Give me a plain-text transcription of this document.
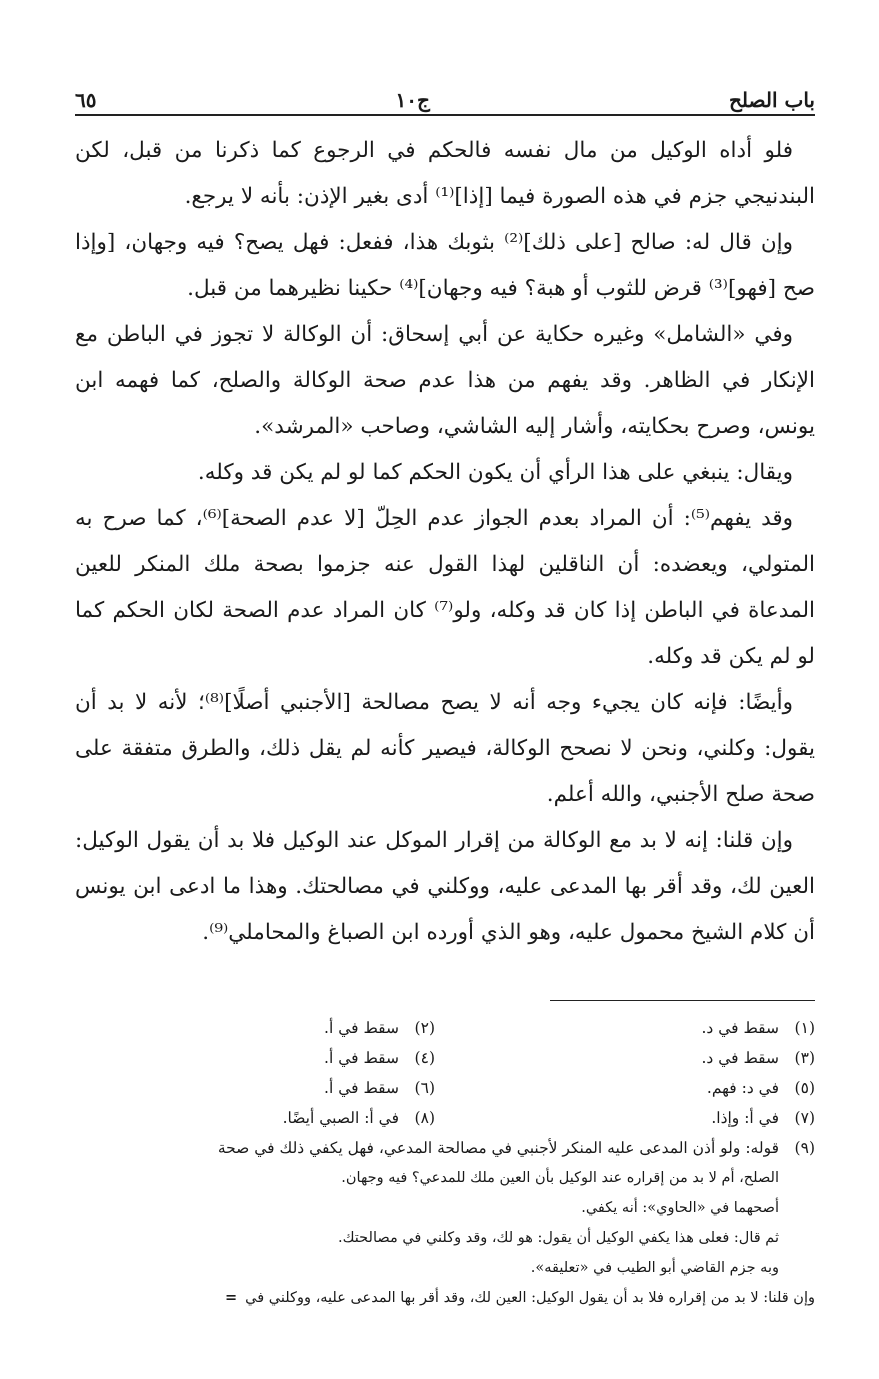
باب الصلح
ج١٠
٦٥

فلو أداه الوكيل من مال نفسه فالحكم في الرجوع كما ذكرنا من قبل، لكن البندنيجي جزم في هذه الصورة فيما [إذا]⁽¹⁾ أدى بغير الإذن: بأنه لا يرجع.

وإن قال له: صالح [على ذلك]⁽²⁾ بثوبك هذا، ففعل: فهل يصح؟ فيه وجهان، [وإذا صح [فهو]⁽³⁾ قرض للثوب أو هبة؟ فيه وجهان]⁽⁴⁾ حكينا نظيرهما من قبل.

وفي «الشامل» وغيره حكاية عن أبي إسحاق: أن الوكالة لا تجوز في الباطن مع الإنكار في الظاهر. وقد يفهم من هذا عدم صحة الوكالة والصلح، كما فهمه ابن يونس، وصرح بحكايته، وأشار إليه الشاشي، وصاحب «المرشد».

ويقال: ينبغي على هذا الرأي أن يكون الحكم كما لو لم يكن قد وكله.

وقد يفهم⁽⁵⁾: أن المراد بعدم الجواز عدم الحِلّ [لا عدم الصحة]⁽⁶⁾، كما صرح به المتولي، ويعضده: أن الناقلين لهذا القول عنه جزموا بصحة ملك المنكر للعين المدعاة في الباطن إذا كان قد وكله، ولو⁽⁷⁾ كان المراد عدم الصحة لكان الحكم كما لو لم يكن قد وكله.

وأيضًا: فإنه كان يجيء وجه أنه لا يصح مصالحة [الأجنبي أصلًا]⁽⁸⁾؛ لأنه لا بد أن يقول: وكلني، ونحن لا نصحح الوكالة، فيصير كأنه لم يقل ذلك، والطرق متفقة على صحة صلح الأجنبي، والله أعلم.

وإن قلنا: إنه لا بد مع الوكالة من إقرار الموكل عند الوكيل فلا بد أن يقول الوكيل: العين لك، وقد أقر بها المدعى عليه، ووكلني في مصالحتك. وهذا ما ادعى ابن يونس أن كلام الشيخ محمول عليه، وهو الذي أورده ابن الصباغ والمحاملي⁽⁹⁾.

(١)
سقط في د.
(٢)
سقط في أ.
(٣)
سقط في د.
(٤)
سقط في أ.
(٥)
في د: فهم.
(٦)
سقط في أ.
(٧)
في أ: وإذا.
(٨)
في أ: الصبي أيضًا.
(٩)
قوله: ولو أذن المدعى عليه المنكر لأجنبي في مصالحة المدعي، فهل يكفي ذلك في صحة
الصلح، أم لا بد من إقراره عند الوكيل بأن العين ملك للمدعي؟ فيه وجهان.
أصحهما في «الحاوي»: أنه يكفي.
ثم قال: فعلى هذا يكفي الوكيل أن يقول: هو لك، وقد وكلني في مصالحتك.
وبه جزم القاضي أبو الطيب في «تعليقه».
وإن قلنا: لا بد من إقراره فلا بد أن يقول الوكيل: العين لك، وقد أقر بها المدعى عليه، ووكلني في
=
